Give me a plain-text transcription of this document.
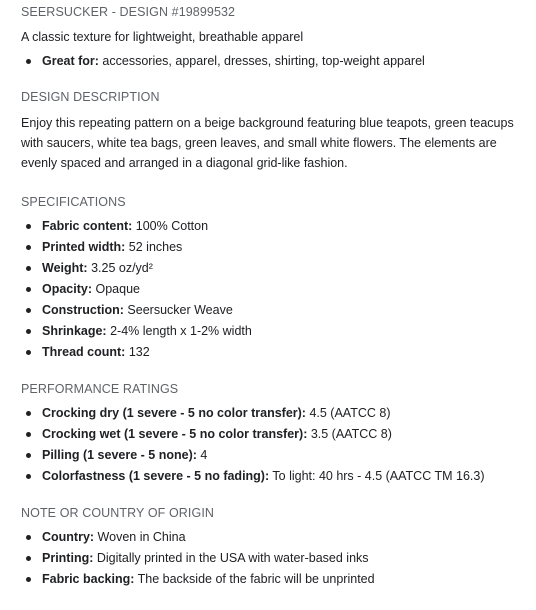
SEERSUCKER - DESIGN #19899532
A classic texture for lightweight, breathable apparel
Great for: accessories, apparel, dresses, shirting, top-weight apparel
DESIGN DESCRIPTION
Enjoy this repeating pattern on a beige background featuring blue teapots, green teacups with saucers, white tea bags, green leaves, and small white flowers. The elements are evenly spaced and arranged in a diagonal grid-like fashion.
SPECIFICATIONS
Fabric content: 100% Cotton
Printed width: 52 inches
Weight: 3.25 oz/yd²
Opacity: Opaque
Construction: Seersucker Weave
Shrinkage: 2-4% length x 1-2% width
Thread count: 132
PERFORMANCE RATINGS
Crocking dry (1 severe - 5 no color transfer): 4.5 (AATCC 8)
Crocking wet (1 severe - 5 no color transfer): 3.5 (AATCC 8)
Pilling (1 severe - 5 none): 4
Colorfastness (1 severe - 5 no fading): To light: 40 hrs - 4.5 (AATCC TM 16.3)
NOTE OR COUNTRY OF ORIGIN
Country: Woven in China
Printing: Digitally printed in the USA with water-based inks
Fabric backing: The backside of the fabric will be unprinted
